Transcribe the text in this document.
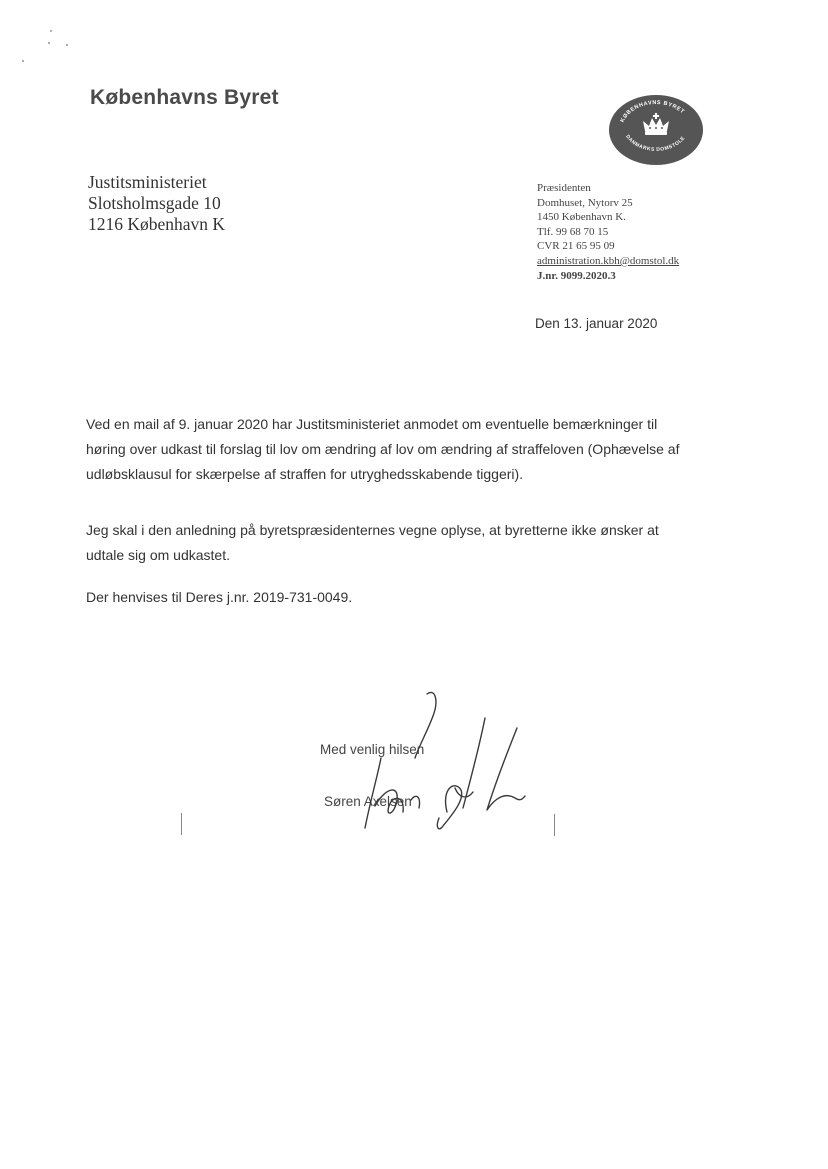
Københavns Byret
KØBENHAVNS BYRET
DANMARKS DOMSTOLE
Justitsministeriet
Slotsholmsgade 10
1216 København K
Præsidenten
Domhuset, Nytorv 25
1450 København K.
Tlf. 99 68 70 15
CVR 21 65 95 09
administration.kbh@domstol.dk
J.nr. 9099.2020.3
Den 13. januar 2020
Ved en mail af 9. januar 2020 har Justitsministeriet anmodet om eventuelle bemærkninger til høring over udkast til forslag til lov om ændring af lov om ændring af straffeloven (Ophævelse af udløbsklausul for skærpelse af straffen for utryghedsskabende tiggeri).
Jeg skal i den anledning på byretspræsidenternes vegne oplyse, at byretterne ikke ønsker at udtale sig om udkastet.
Der henvises til Deres j.nr. 2019-731-0049.
Med venlig hilsen
Søren Axelsen
